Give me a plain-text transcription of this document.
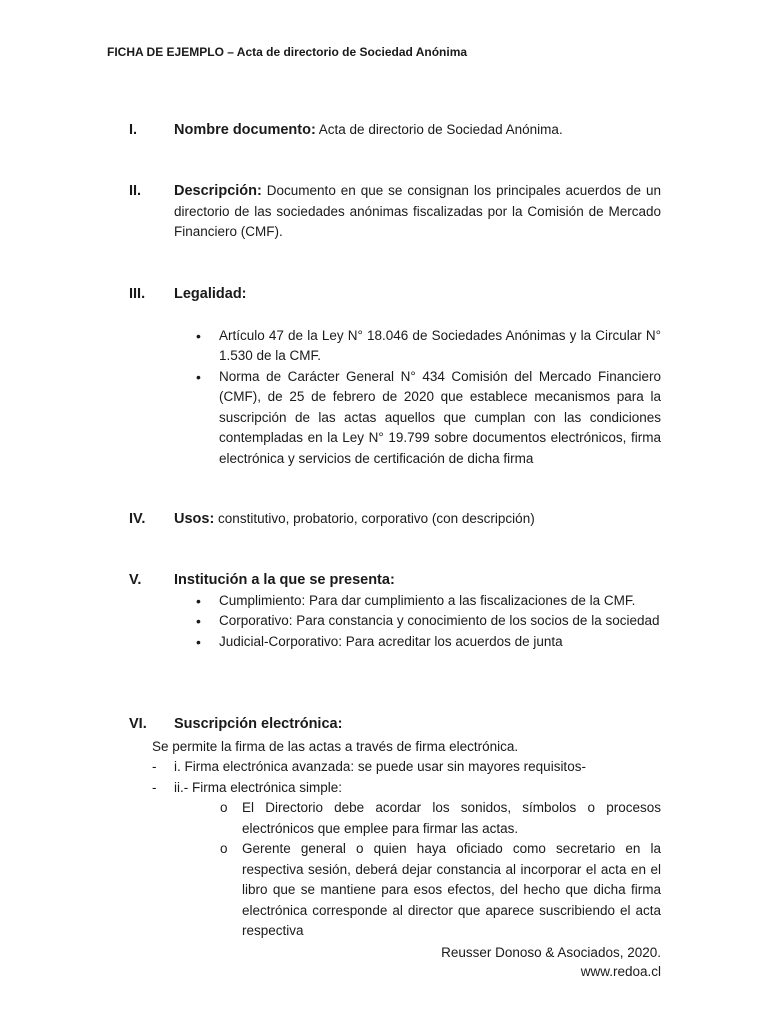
FICHA DE EJEMPLO – Acta de directorio de Sociedad Anónima
I.	Nombre documento: Acta de directorio de Sociedad Anónima.
II. Descripción: Documento en que se consignan los principales acuerdos de un directorio de las sociedades anónimas fiscalizadas por la Comisión de Mercado Financiero (CMF).
III. Legalidad:
• Artículo 47 de la Ley N° 18.046 de Sociedades Anónimas y la Circular N° 1.530 de la CMF.
• Norma de Carácter General N° 434 Comisión del Mercado Financiero (CMF), de 25 de febrero de 2020 que establece mecanismos para la suscripción de las actas aquellos que cumplan con las condiciones contempladas en la Ley N° 19.799 sobre documentos electrónicos, firma electrónica y servicios de certificación de dicha firma
IV. Usos: constitutivo, probatorio, corporativo (con descripción)
V. Institución a la que se presenta:
• Cumplimiento: Para dar cumplimiento a las fiscalizaciones de la CMF.
• Corporativo: Para constancia y conocimiento de los socios de la sociedad
• Judicial-Corporativo: Para acreditar los acuerdos de junta
VI. Suscripción electrónica:
Se permite la firma de las actas a través de firma electrónica.
- i. Firma electrónica avanzada: se puede usar sin mayores requisitos-
- ii.- Firma electrónica simple:
o El Directorio debe acordar los sonidos, símbolos o procesos electrónicos que emplee para firmar las actas.
o Gerente general o quien haya oficiado como secretario en la respectiva sesión, deberá dejar constancia al incorporar el acta en el libro que se mantiene para esos efectos, del hecho que dicha firma electrónica corresponde al director que aparece suscribiendo el acta respectiva
Reusser Donoso & Asociados, 2020.
www.redoa.cl
